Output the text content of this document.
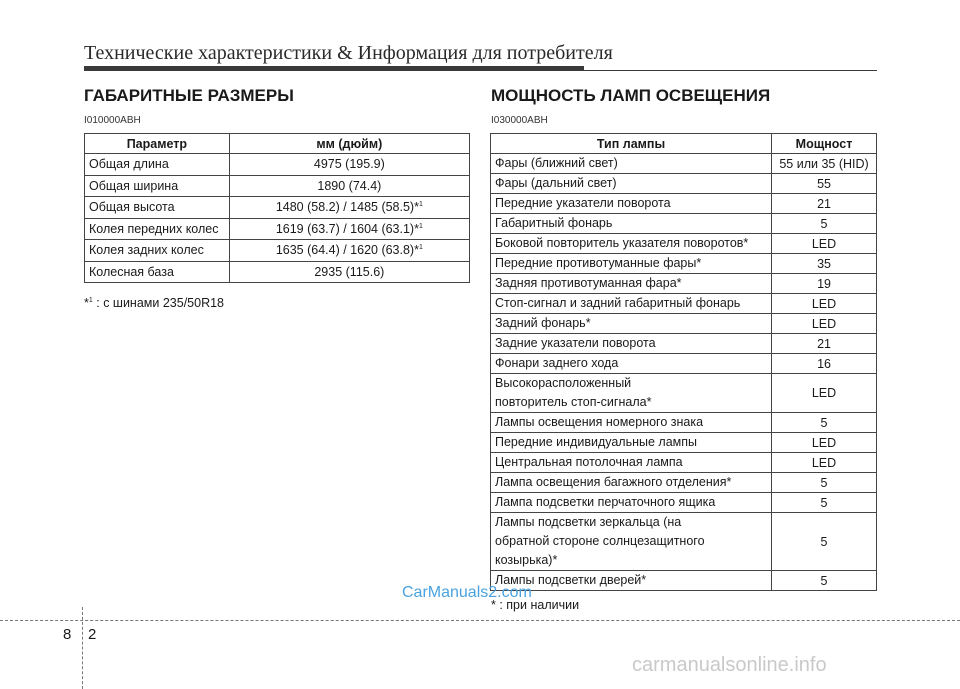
Технические характеристики & Информация для потребителя
ГАБАРИТНЫЕ РАЗМЕРЫ
I010000ABH
Параметр	мм (дюйм)
Общая длина	4975 (195.9)
Общая ширина	1890 (74.4)
Общая высота	1480 (58.2) / 1485 (58.5)*$^1$
Колея передних колес	1619 (63.7) / 1604 (63.1)*$^1$
Колея задних колес	1635 (64.4) / 1620 (63.8)*$^1$
Колесная база	2935 (115.6)
*$^1$ : с шинами 235/50R18
МОЩНОСТЬ ЛАМП ОСВЕЩЕНИЯ
I030000ABH
Тип лампы	Мощност
Фары (ближний свет)	55 или 35 (HID)
Фары (дальний свет)	55
Передние указатели поворота	21
Габаритный фонарь	5
Боковой повторитель указателя поворотов*	LED
Передние противотуманные фары*	35
Задняя противотуманная фара*	19
Стоп-сигнал и задний габаритный фонарь	LED
Задний фонарь*	LED
Задние указатели поворота	21
Фонари заднего хода	16
Высокорасположенный
повторитель стоп-сигнала*	LED
Лампы освещения номерного знака	5
Передние индивидуальные лампы	LED
Центральная потолочная лампа	LED
Лампа освещения багажного отделения*	5
Лампа подсветки перчаточного ящика	5
Лампы подсветки зеркальца (на
обратной стороне солнцезащитного
козырька)*	5
Лампы подсветки дверей*	5
* : при наличии
CarManuals2.com
8 2
carmanualsonline.info
